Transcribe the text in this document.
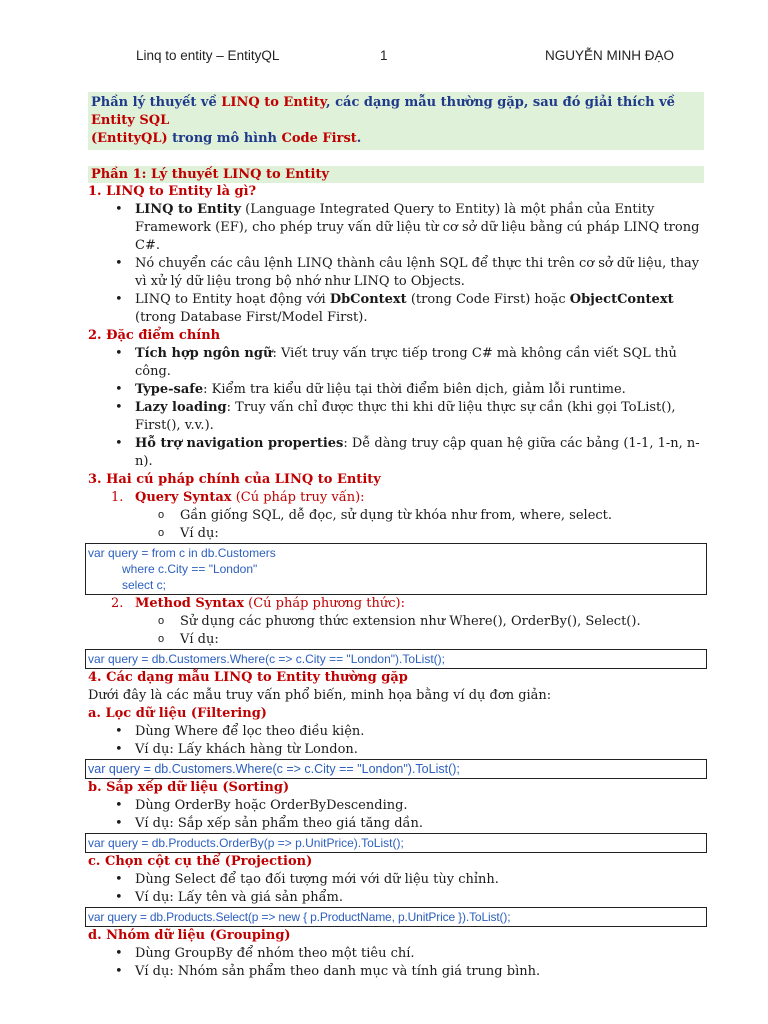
Linq to entity – EntityQL	1	NGUYỄN MINH ĐẠO
Phần lý thuyết về LINQ to Entity, các dạng mẫu thường gặp, sau đó giải thích về Entity SQL
(EntityQL) trong mô hình Code First.
Phần 1: Lý thuyết LINQ to Entity
1. LINQ to Entity là gì?
• LINQ to Entity (Language Integrated Query to Entity) là một phần của Entity Framework (EF), cho phép truy vấn dữ liệu từ cơ sở dữ liệu bằng cú pháp LINQ trong C#.
• Nó chuyển các câu lệnh LINQ thành câu lệnh SQL để thực thi trên cơ sở dữ liệu, thay vì xử lý dữ liệu trong bộ nhớ như LINQ to Objects.
• LINQ to Entity hoạt động với DbContext (trong Code First) hoặc ObjectContext (trong Database First/Model First).
2. Đặc điểm chính
• Tích hợp ngôn ngữ: Viết truy vấn trực tiếp trong C# mà không cần viết SQL thủ công.
• Type-safe: Kiểm tra kiểu dữ liệu tại thời điểm biên dịch, giảm lỗi runtime.
• Lazy loading: Truy vấn chỉ được thực thi khi dữ liệu thực sự cần (khi gọi ToList(), First(), v.v.).
• Hỗ trợ navigation properties: Dễ dàng truy cập quan hệ giữa các bảng (1-1, 1-n, n-n).
3. Hai cú pháp chính của LINQ to Entity
1. Query Syntax (Cú pháp truy vấn):
o Gần giống SQL, dễ đọc, sử dụng từ khóa như from, where, select.
o Ví dụ:
var query = from c in db.Customers
where c.City == "London"
select c;
2. Method Syntax (Cú pháp phương thức):
o Sử dụng các phương thức extension như Where(), OrderBy(), Select().
o Ví dụ:
var query = db.Customers.Where(c => c.City == "London").ToList();
4. Các dạng mẫu LINQ to Entity thường gặp
Dưới đây là các mẫu truy vấn phổ biến, minh họa bằng ví dụ đơn giản:
a. Lọc dữ liệu (Filtering)
• Dùng Where để lọc theo điều kiện.
• Ví dụ: Lấy khách hàng từ London.
var query = db.Customers.Where(c => c.City == "London").ToList();
b. Sắp xếp dữ liệu (Sorting)
• Dùng OrderBy hoặc OrderByDescending.
• Ví dụ: Sắp xếp sản phẩm theo giá tăng dần.
var query = db.Products.OrderBy(p => p.UnitPrice).ToList();
c. Chọn cột cụ thể (Projection)
• Dùng Select để tạo đối tượng mới với dữ liệu tùy chỉnh.
• Ví dụ: Lấy tên và giá sản phẩm.
var query = db.Products.Select(p => new { p.ProductName, p.UnitPrice }).ToList();
d. Nhóm dữ liệu (Grouping)
• Dùng GroupBy để nhóm theo một tiêu chí.
• Ví dụ: Nhóm sản phẩm theo danh mục và tính giá trung bình.
